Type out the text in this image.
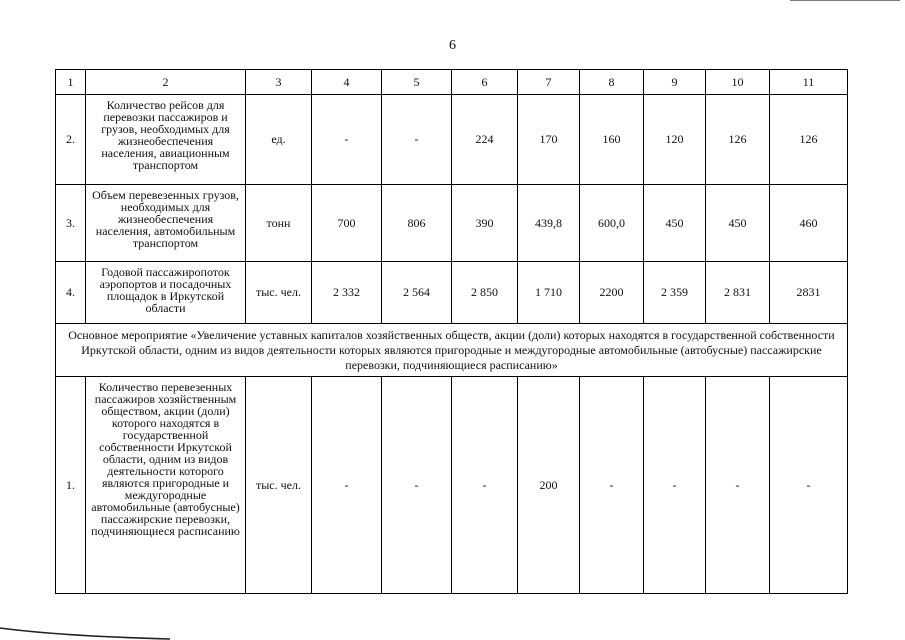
6
1	2	3	4	5	6	7	8	9	10	11
2.	Количество рейсов для перевозки пассажиров и грузов, необходимых для жизнеобеспечения населения, авиационным транспортом	ед.	-	-	224	170	160	120	126	126
3.	Объем перевезенных грузов, необходимых для жизнеобеспечения населения, автомобильным транспортом	тонн	700	806	390	439,8	600,0	450	450	460
4.	Годовой пассажиропоток аэропортов и посадочных площадок в Иркутской области	тыс. чел.	2 332	2 564	2 850	1 710	2200	2 359	2 831	2831
Основное мероприятие «Увеличение уставных капиталов хозяйственных обществ, акции (доли) которых находятся в государственной собственности Иркутской области, одним из видов деятельности которых являются пригородные и междугородные автомобильные (автобусные) пассажирские перевозки, подчиняющиеся расписанию»										
1.	Количество перевезенных пассажиров хозяйственным обществом, акции (доли) которого находятся в государственной собственности Иркутской области, одним из видов деятельности которого являются пригородные и междугородные автомобильные (автобусные) пассажирские перевозки, подчиняющиеся расписанию	тыс. чел.	-	-	-	200	-	-	-	-
